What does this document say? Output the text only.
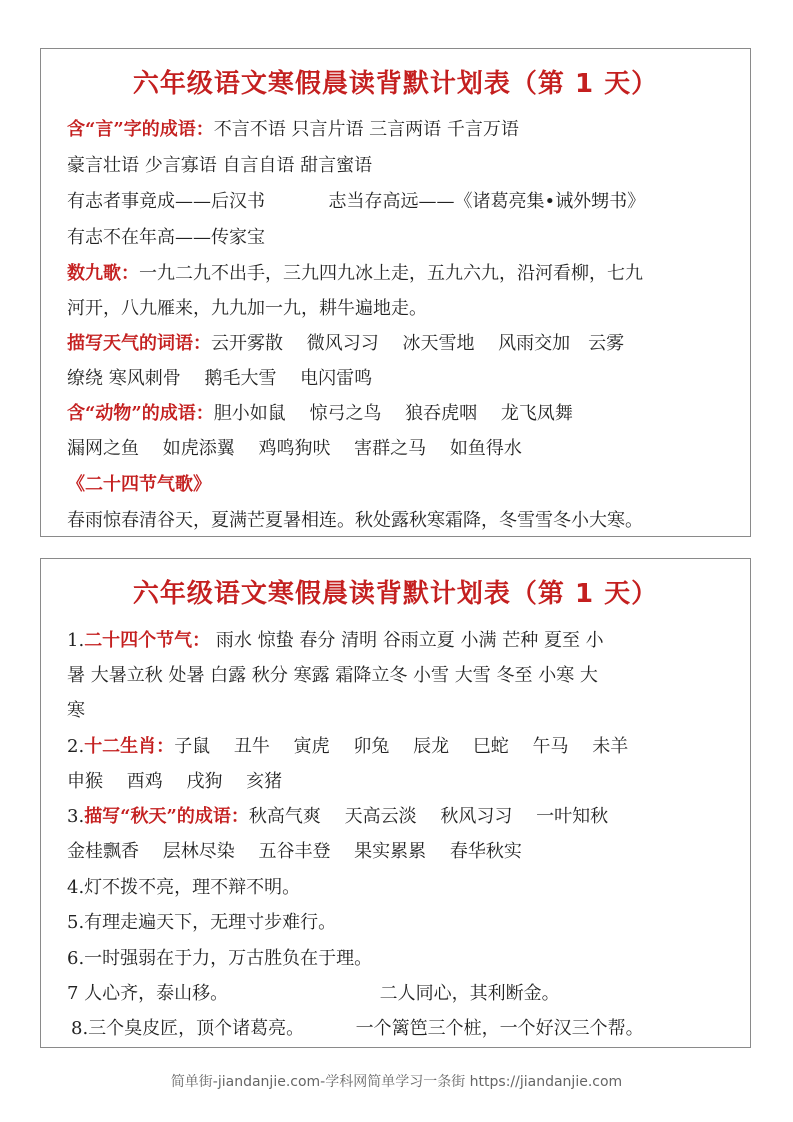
六年级语文寒假晨读背默计划表（第 1 天）
含“言”字的成语：不言不语 只言片语 三言两语 千言万语
豪言壮语 少言寡语 自言自语 甜言蜜语
有志者事竟成——后汉书	志当存高远——《诸葛亮集•诫外甥书》
有志不在年高——传家宝
数九歌：一九二九不出手，三九四九冰上走，五九六九，沿河看柳，七九
河开，八九雁来，九九加一九，耕牛遍地走。
描写天气的词语：云开雾散　 微风习习　 冰天雪地　 风雨交加　云雾
缭绕 寒风刺骨　 鹅毛大雪　 电闪雷鸣
含“动物”的成语：胆小如鼠　 惊弓之鸟　 狼吞虎咽　 龙飞凤舞
漏网之鱼　 如虎添翼　 鸡鸣狗吠　 害群之马　 如鱼得水
《二十四节气歌》
春雨惊春清谷天，夏满芒夏暑相连。秋处露秋寒霜降，冬雪雪冬小大寒。
六年级语文寒假晨读背默计划表（第 1 天）
1.二十四个节气： 雨水 惊蛰 春分 清明 谷雨立夏 小满 芒种 夏至 小
暑 大暑立秋 处暑 白露 秋分 寒露 霜降立冬 小雪 大雪 冬至 小寒 大
寒
2.十二生肖：子鼠　 丑牛　 寅虎　 卯兔　 辰龙　 巳蛇　 午马　 未羊
申猴　 酉鸡　 戌狗　 亥猪
3.描写“秋天”的成语：秋高气爽　 天高云淡　 秋风习习　 一叶知秋
金桂飘香　 层林尽染　 五谷丰登　 果实累累　 春华秋实
4.灯不拨不亮，理不辩不明。
5.有理走遍天下，无理寸步难行。
6.一时强弱在于力，万古胜负在于理。
7 人心齐，泰山移。	二人同心，其利断金。
8.三个臭皮匠，顶个诸葛亮。	一个篱笆三个桩，一个好汉三个帮。
简单街-jiandanjie.com-学科网简单学习一条街 https://jiandanjie.com
